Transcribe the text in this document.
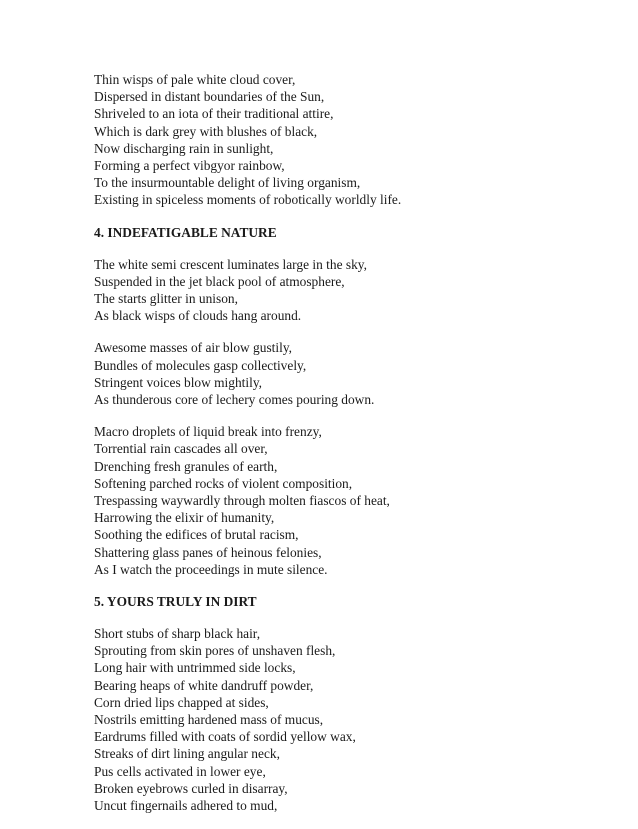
Thin wisps of pale white cloud cover,
Dispersed in distant boundaries of the Sun,
Shriveled to an iota of their traditional attire,
Which is dark grey with blushes of black,
Now discharging rain in sunlight,
Forming a perfect vibgyor rainbow,
To the insurmountable delight of living organism,
Existing in spiceless moments of robotically worldly life.
4. INDEFATIGABLE NATURE
The white semi crescent luminates large in the sky,
Suspended in the jet black pool of atmosphere,
The starts glitter in unison,
As black wisps of clouds hang around.
Awesome masses of air blow gustily,
Bundles of molecules gasp collectively,
Stringent voices blow mightily,
As thunderous core of lechery comes pouring down.
Macro droplets of liquid break into frenzy,
Torrential rain cascades all over,
Drenching fresh granules of earth,
Softening parched rocks of violent composition,
Trespassing waywardly through molten fiascos of heat,
Harrowing the elixir of humanity,
Soothing the edifices of brutal racism,
Shattering glass panes of heinous felonies,
As I watch the proceedings in mute silence.
5. YOURS TRULY IN DIRT
Short stubs of sharp black hair,
Sprouting from skin pores of unshaven flesh,
Long hair with untrimmed side locks,
Bearing heaps of white dandruff powder,
Corn dried lips chapped at sides,
Nostrils emitting hardened mass of mucus,
Eardrums filled with coats of sordid yellow wax,
Streaks of dirt lining angular neck,
Pus cells activated in lower eye,
Broken eyebrows curled in disarray,
Uncut fingernails adhered to mud,
